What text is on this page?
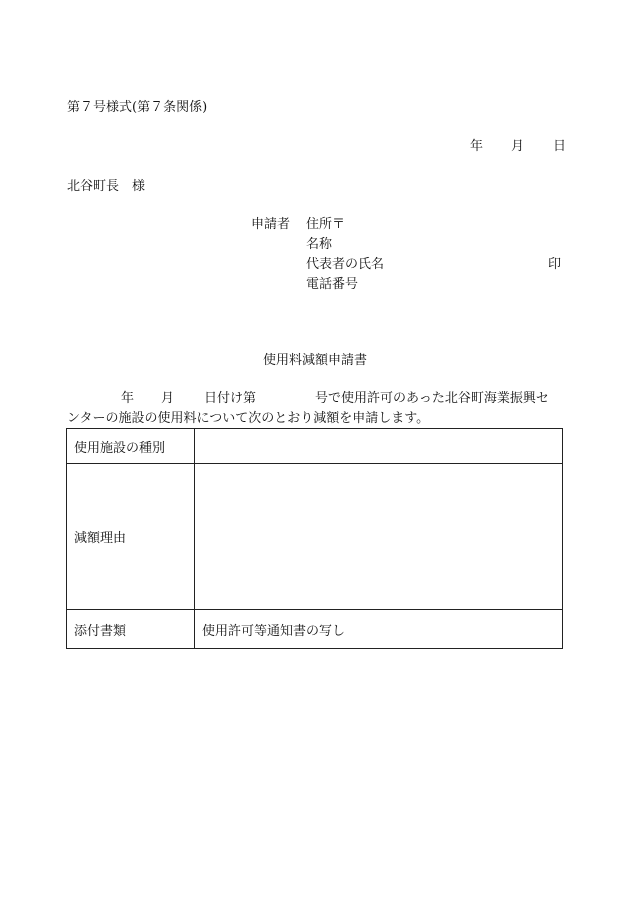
第７号様式(第７条関係)
年 月 日
北谷町長　様
申請者 住所〒
名称
代表者の氏名	印
電話番号
使用料減額申請書
年 月 日付け第	号で使用許可のあった北谷町海業振興セ
ンターの施設の使用料について次のとおり減額を申請します。
使用施設の種別	
減額理由	
添付書類	使用許可等通知書の写し
